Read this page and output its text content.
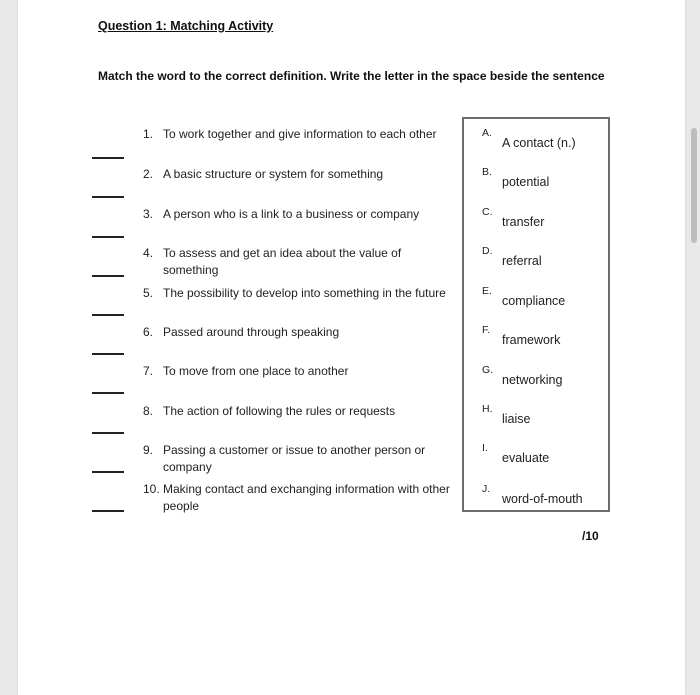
Question 1: Matching Activity
Match the word to the correct definition. Write the letter in the space beside the sentence
1. To work together and give information to each other
2. A basic structure or system for something
3. A person who is a link to a business or company
4. To assess and get an idea about the value of something
5. The possibility to develop into something in the future
6. Passed around through speaking
7. To move from one place to another
8. The action of following the rules or requests
9. Passing a customer or issue to another person or company
10. Making contact and exchanging information with other people
A.
A contact (n.)
B.
potential
C.
transfer
D.
referral
E.
compliance
F.
framework
G.
networking
H.
liaise
I.
evaluate
J.
word-of-mouth
/10
